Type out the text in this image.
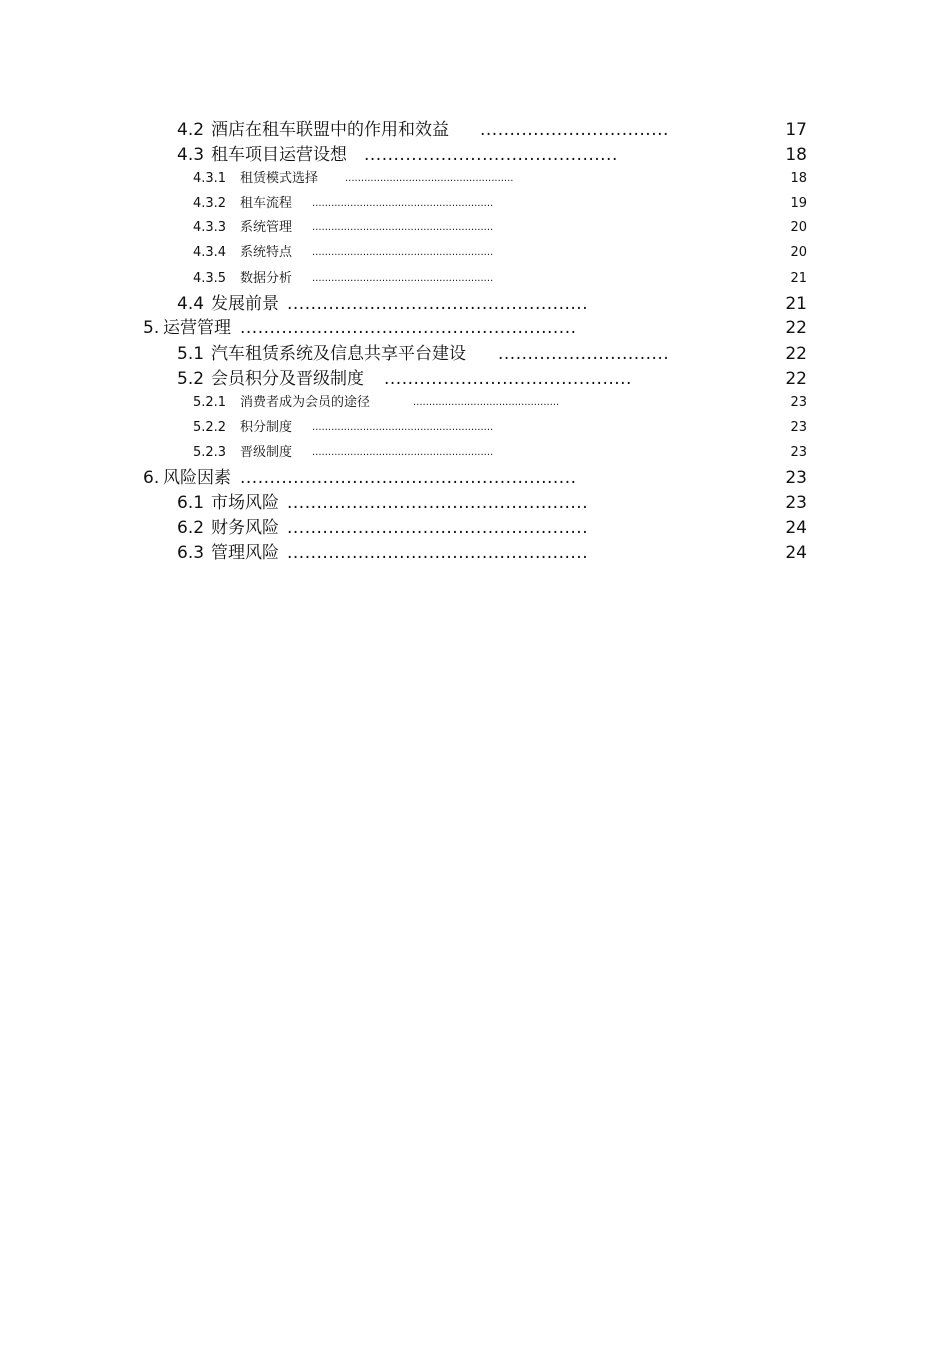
4.2 酒店在租车联盟中的作用和效益 ................................	17
4.3 租车项目运营设想 ...........................................	18
4.3.1 租赁模式选择	.....................................................	18
4.3.2 租车流程 .........................................................	19
4.3.3 系统管理 .........................................................	20
4.3.4 系统特点 .........................................................	20
4.3.5 数据分析 .........................................................	21
4.4 发展前景 ...................................................	21
5. 运营管理 .........................................................	22
5.1 汽车租赁系统及信息共享平台建设 .............................	22
5.2 会员积分及晋级制度 ..........................................	22
5.2.1 消费者成为会员的途径	..............................................	23
5.2.2 积分制度 .........................................................	23
5.2.3 晋级制度 .........................................................	23
6. 风险因素 .........................................................	23
6.1 市场风险 ...................................................	23
6.2 财务风险 ...................................................	24
6.3 管理风险 ...................................................	24
